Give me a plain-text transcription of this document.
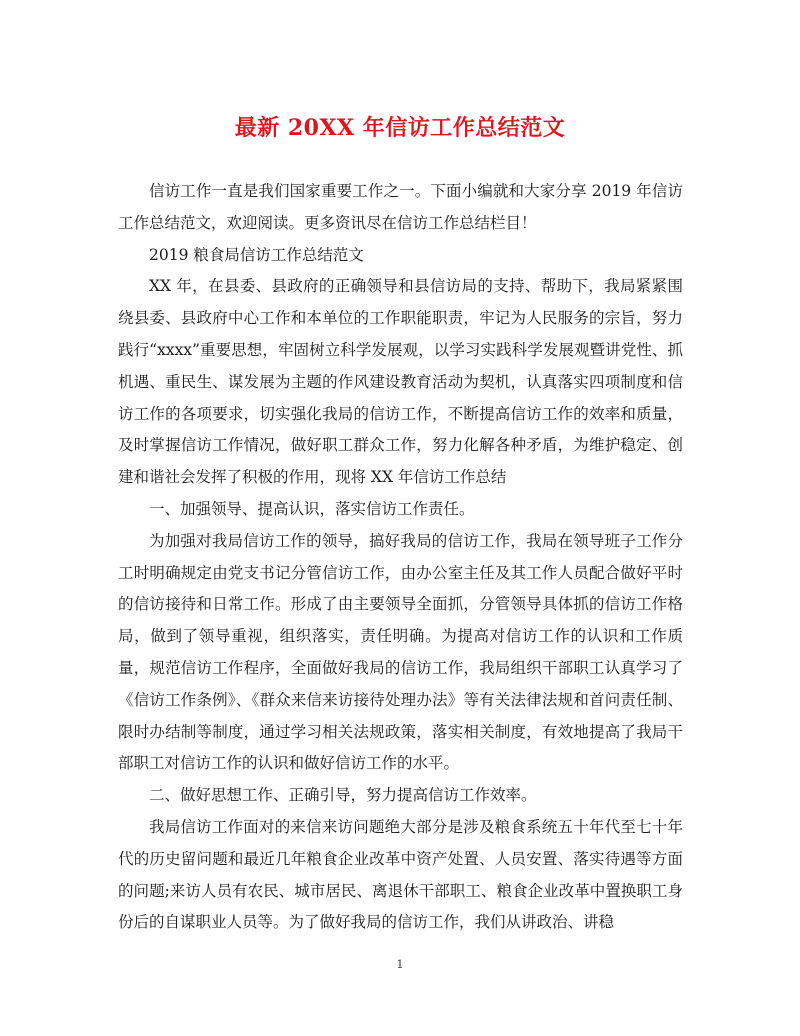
最新 20XX 年信访工作总结范文

信访工作一直是我们国家重要工作之一。下面小编就和大家分享 2019 年信访工作总结范文，欢迎阅读。更多资讯尽在信访工作总结栏目！

2019 粮食局信访工作总结范文

XX 年，在县委、县政府的正确领导和县信访局的支持、帮助下，我局紧紧围绕县委、县政府中心工作和本单位的工作职能职责，牢记为人民服务的宗旨，努力践行“xxxx”重要思想，牢固树立科学发展观，以学习实践科学发展观暨讲党性、抓机遇、重民生、谋发展为主题的作风建设教育活动为契机，认真落实四项制度和信访工作的各项要求，切实强化我局的信访工作，不断提高信访工作的效率和质量，及时掌握信访工作情况，做好职工群众工作，努力化解各种矛盾，为维护稳定、创建和谐社会发挥了积极的作用，现将 XX 年信访工作总结

一、加强领导、提高认识，落实信访工作责任。

为加强对我局信访工作的领导，搞好我局的信访工作，我局在领导班子工作分工时明确规定由党支书记分管信访工作，由办公室主任及其工作人员配合做好平时的信访接待和日常工作。形成了由主要领导全面抓，分管领导具体抓的信访工作格局，做到了领导重视，组织落实，责任明确。为提高对信访工作的认识和工作质量，规范信访工作程序，全面做好我局的信访工作，我局组织干部职工认真学习了《信访工作条例》、《群众来信来访接待处理办法》等有关法律法规和首问责任制、限时办结制等制度，通过学习相关法规政策，落实相关制度，有效地提高了我局干部职工对信访工作的认识和做好信访工作的水平。

二、做好思想工作、正确引导，努力提高信访工作效率。

我局信访工作面对的来信来访问题绝大部分是涉及粮食系统五十年代至七十年代的历史留问题和最近几年粮食企业改革中资产处置、人员安置、落实待遇等方面的问题;来访人员有农民、城市居民、离退休干部职工、粮食企业改革中置换职工身份后的自谋职业人员等。为了做好我局的信访工作，我们从讲政治、讲稳

1
